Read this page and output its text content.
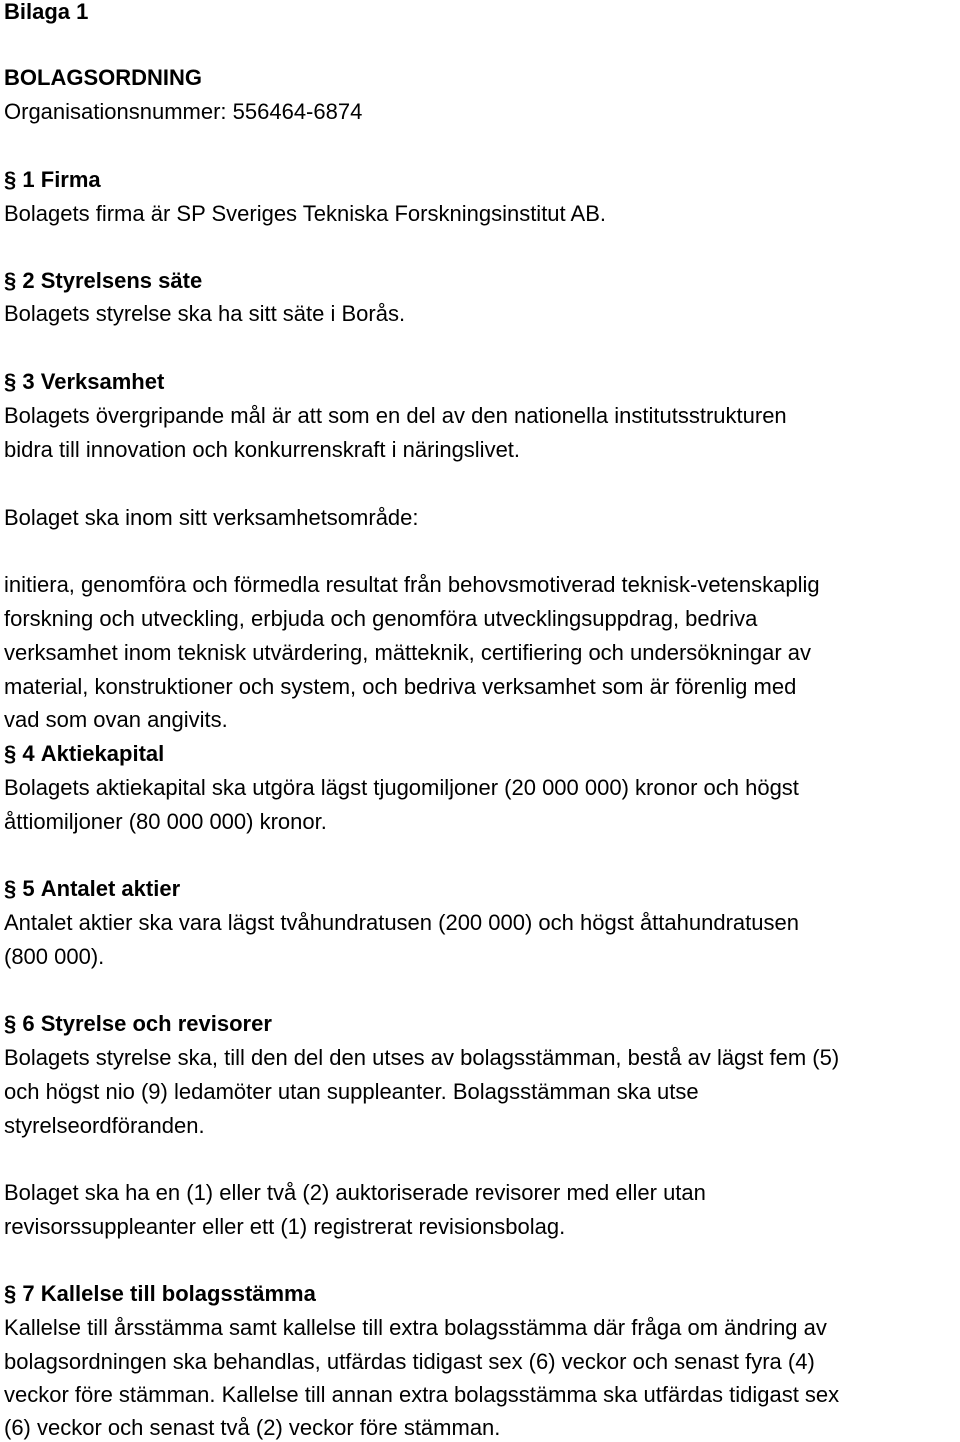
Bilaga 1
BOLAGSORDNING
Organisationsnummer: 556464-6874
§ 1 Firma
Bolagets firma är SP Sveriges Tekniska Forskningsinstitut AB.
§ 2 Styrelsens säte
Bolagets styrelse ska ha sitt säte i Borås.
§ 3 Verksamhet
Bolagets övergripande mål är att som en del av den nationella institutsstrukturen
bidra till innovation och konkurrenskraft i näringslivet.
Bolaget ska inom sitt verksamhetsområde:
initiera, genomföra och förmedla resultat från behovsmotiverad teknisk-vetenskaplig
forskning och utveckling, erbjuda och genomföra utvecklingsuppdrag, bedriva
verksamhet inom teknisk utvärdering, mätteknik, certifiering och undersökningar av
material, konstruktioner och system, och bedriva verksamhet som är förenlig med
vad som ovan angivits.
§ 4 Aktiekapital
Bolagets aktiekapital ska utgöra lägst tjugomiljoner (20 000 000) kronor och högst
åttiomiljoner (80 000 000) kronor.
§ 5 Antalet aktier
Antalet aktier ska vara lägst tvåhundratusen (200 000) och högst åttahundratusen
(800 000).
§ 6 Styrelse och revisorer
Bolagets styrelse ska, till den del den utses av bolagsstämman, bestå av lägst fem (5)
och högst nio (9) ledamöter utan suppleanter. Bolagsstämman ska utse
styrelseordföranden.
Bolaget ska ha en (1) eller två (2) auktoriserade revisorer med eller utan
revisorssuppleanter eller ett (1) registrerat revisionsbolag.
§ 7 Kallelse till bolagsstämma
Kallelse till årsstämma samt kallelse till extra bolagsstämma där fråga om ändring av
bolagsordningen ska behandlas, utfärdas tidigast sex (6) veckor och senast fyra (4)
veckor före stämman. Kallelse till annan extra bolagsstämma ska utfärdas tidigast sex
(6) veckor och senast två (2) veckor före stämman.
